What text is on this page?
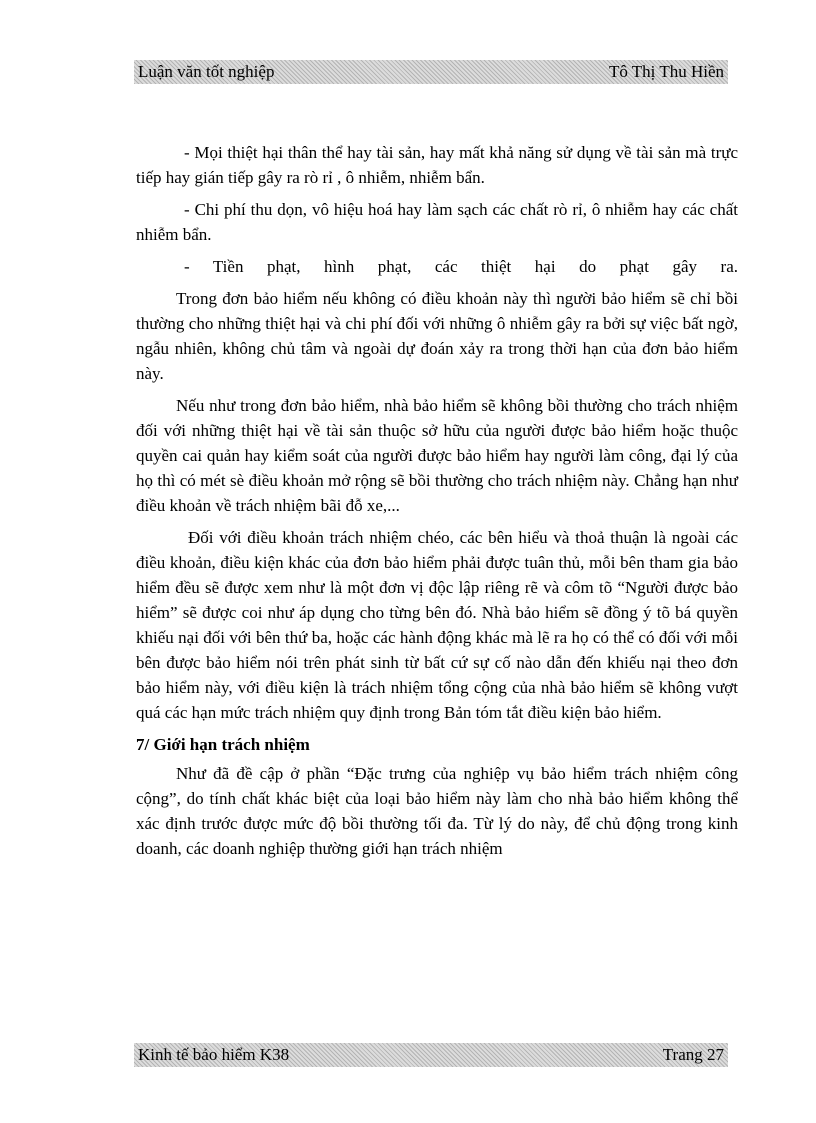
Luận văn tốt nghiệp	Tô Thị Thu Hiền

- Mọi thiệt hại thân thể hay tài sản, hay mất khả năng sử dụng về tài sản mà trực tiếp hay gián tiếp gây ra rò rỉ , ô nhiễm, nhiễm bẩn.

- Chi phí thu dọn, vô hiệu hoá hay làm sạch các chất rò rỉ, ô nhiễm hay các chất nhiễm bẩn.

- Tiền phạt, hình phạt, các thiệt hại do phạt gây ra.

Trong đơn bảo hiểm nếu không có điều khoản này thì người bảo hiểm sẽ chỉ bồi thường cho những thiệt hại và chi phí đối với những ô nhiễm gây ra bởi sự việc bất ngờ, ngẫu nhiên, không chủ tâm và ngoài dự đoán xảy ra trong thời hạn của đơn bảo hiểm này.

Nếu như trong đơn bảo hiểm, nhà bảo hiểm sẽ không bồi thường cho trách nhiệm đối với những thiệt hại về tài sản thuộc sở hữu của người được bảo hiểm hoặc thuộc quyền cai quản hay kiểm soát của người được bảo hiểm hay người làm công, đại lý của họ thì có mét sè điều khoản mở rộng sẽ bồi thường cho trách nhiệm này. Chẳng hạn như điều khoản về trách nhiệm bãi đỗ xe,...

Đối với điều khoản trách nhiệm chéo, các bên hiểu và thoả thuận là ngoài các điều khoản, điều kiện khác của đơn bảo hiểm phải được tuân thủ, mỗi bên tham gia bảo hiểm đều sẽ được xem như là một đơn vị độc lập riêng rẽ và côm tõ “Người được bảo hiểm” sẽ được coi như áp dụng cho từng bên đó. Nhà bảo hiểm sẽ đồng ý tõ bá quyền khiếu nại đối với bên thứ ba, hoặc các hành động khác mà lẽ ra họ có thể có đối với mỗi bên được bảo hiểm nói trên phát sinh từ bất cứ sự cố nào dẫn đến khiếu nại theo đơn bảo hiểm này, với điều kiện là trách nhiệm tổng cộng của nhà bảo hiểm sẽ không vượt quá các hạn mức trách nhiệm quy định trong Bản tóm tắt điều kiện bảo hiểm.

7/ Giới hạn trách nhiệm

Như đã đề cập ở phần “Đặc trưng của nghiệp vụ bảo hiểm trách nhiệm công cộng”, do tính chất khác biệt của loại bảo hiểm này làm cho nhà bảo hiểm không thể xác định trước được mức độ bồi thường tối đa. Từ lý do này, để chủ động trong kinh doanh, các doanh nghiệp thường giới hạn trách nhiệm

Kinh tế bảo hiểm K38	Trang 27
